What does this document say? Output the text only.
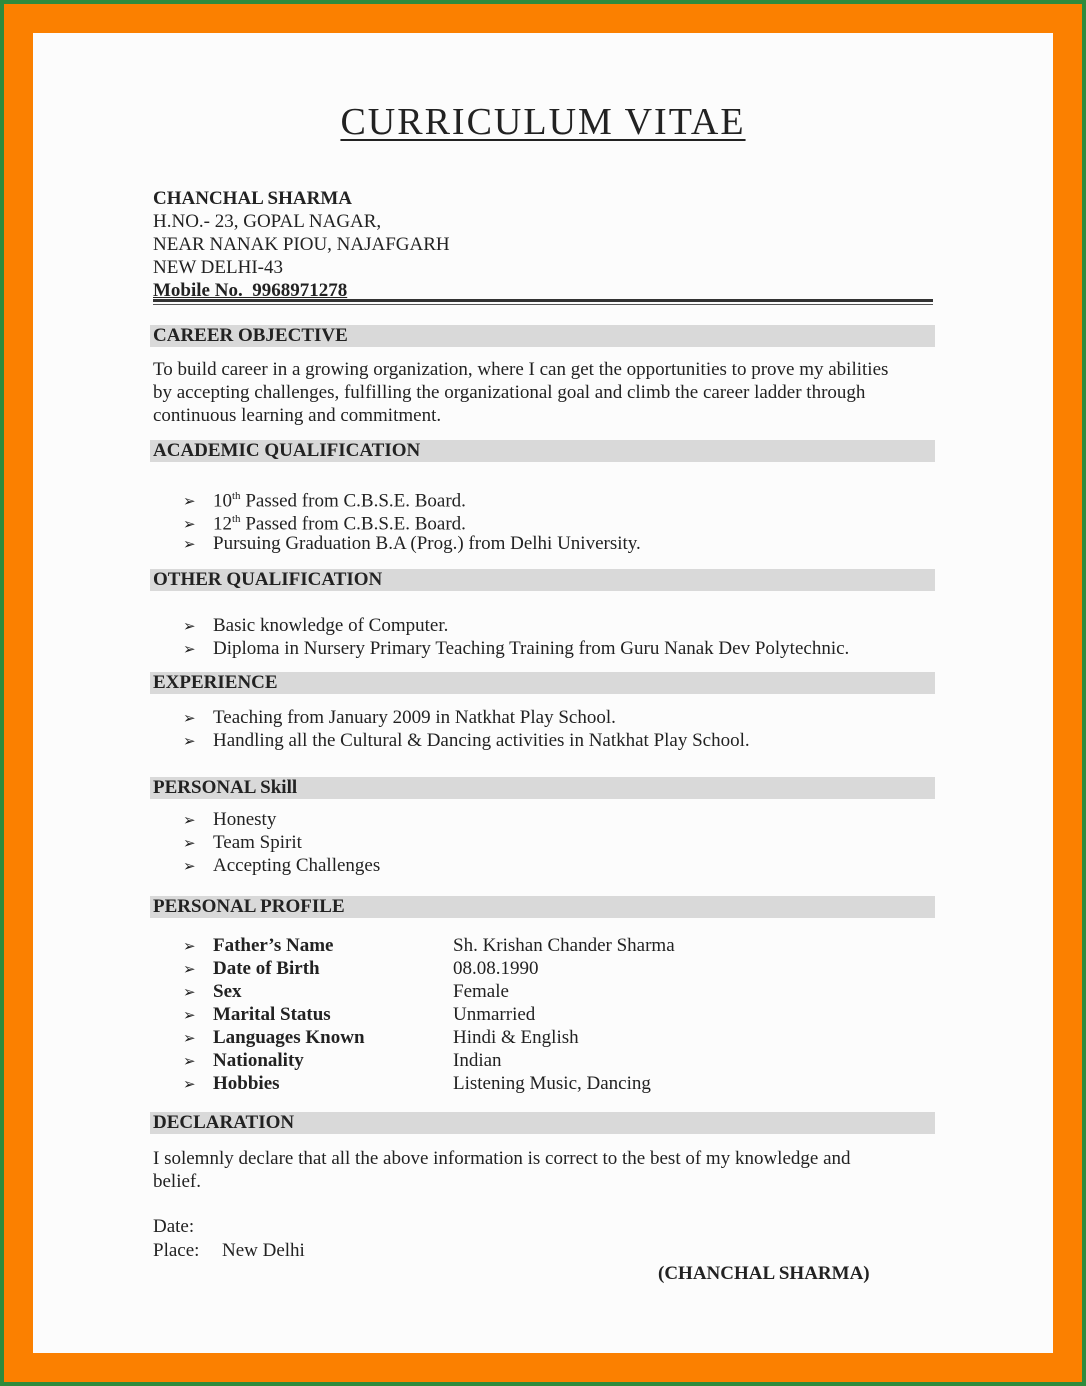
CURRICULUM VITAE
CHANCHAL SHARMA
H.NO.- 23, GOPAL NAGAR,
NEAR NANAK PIOU, NAJAFGARH
NEW DELHI-43
Mobile No.  9968971278
CAREER OBJECTIVE
To build career in a growing organization, where I can get the opportunities to prove my abilities
by accepting challenges, fulfilling the organizational goal and climb the career ladder through
continuous learning and commitment.
ACADEMIC QUALIFICATION
➢ 10th Passed from C.B.S.E. Board.
➢ 12th Passed from C.B.S.E. Board.
➢ Pursuing Graduation B.A (Prog.) from Delhi University.
OTHER QUALIFICATION
➢ Basic knowledge of Computer.
➢ Diploma in Nursery Primary Teaching Training from Guru Nanak Dev Polytechnic.
EXPERIENCE
➢ Teaching from January 2009 in Natkhat Play School.
➢ Handling all the Cultural & Dancing activities in Natkhat Play School.
PERSONAL Skill
➢ Honesty
➢ Team Spirit
➢ Accepting Challenges
PERSONAL PROFILE
➢ Father’s Name	Sh. Krishan Chander Sharma
➢ Date of Birth	08.08.1990
➢ Sex	Female
➢ Marital Status	Unmarried
➢ Languages Known	Hindi & English
➢ Nationality	Indian
➢ Hobbies	Listening Music, Dancing
DECLARATION
I solemnly declare that all the above information is correct to the best of my knowledge and
belief.
Date:
Place: New Delhi
(CHANCHAL SHARMA)
